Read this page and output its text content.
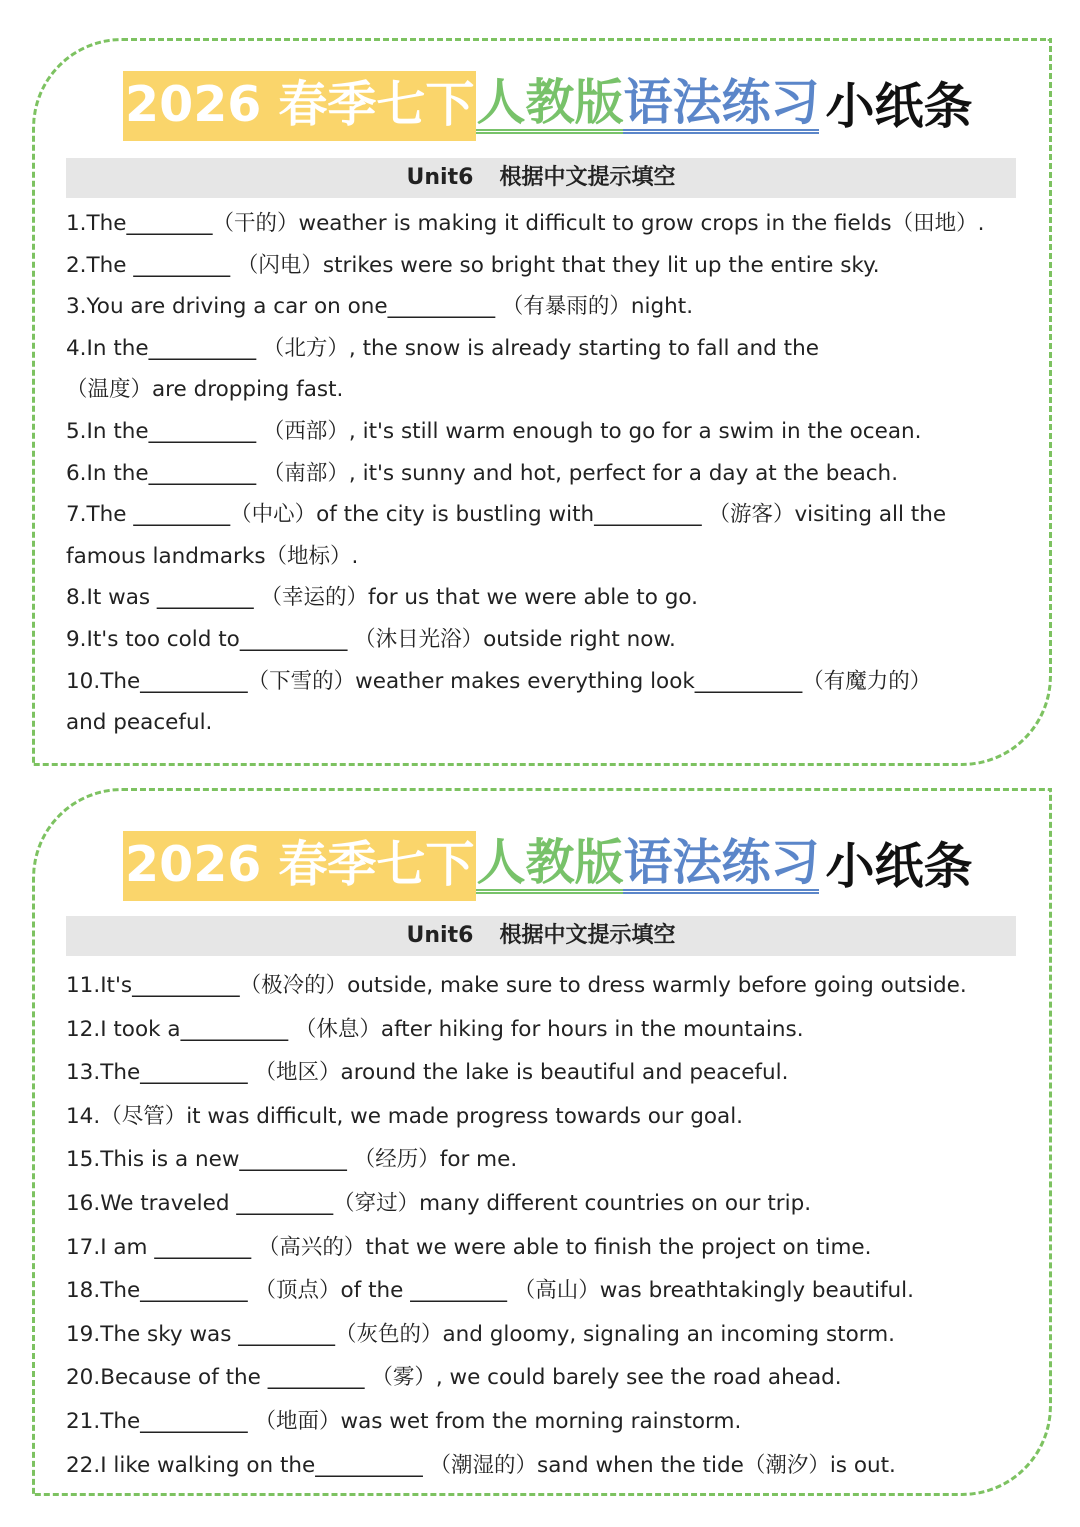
2026 春季七下 人教版 语法练习 小纸条
Unit6 根据中文提示填空
1.The________（干的）weather is making it difficult to grow crops in the fields（田地）.
2.The _________ （闪电）strikes were so bright that they lit up the entire sky.
3.You are driving a car on one__________ （有暴雨的）night.
4.In the__________ （北方）, the snow is already starting to fall and the
（温度）are dropping fast.
5.In the__________ （西部）, it's still warm enough to go for a swim in the ocean.
6.In the__________ （南部）, it's sunny and hot, perfect for a day at the beach.
7.The _________（中心）of the city is bustling with__________ （游客）visiting all the
famous landmarks（地标）.
8.It was _________ （幸运的）for us that we were able to go.
9.It's too cold to__________ （沐日光浴）outside right now.
10.The__________（下雪的）weather makes everything look__________（有魔力的）
and peaceful.
2026 春季七下 人教版 语法练习 小纸条
Unit6 根据中文提示填空
11.It's__________（极冷的）outside, make sure to dress warmly before going outside.
12.I took a__________ （休息）after hiking for hours in the mountains.
13.The__________ （地区）around the lake is beautiful and peaceful.
14.（尽管）it was difficult, we made progress towards our goal.
15.This is a new__________ （经历）for me.
16.We traveled _________（穿过）many different countries on our trip.
17.I am _________ （高兴的）that we were able to finish the project on time.
18.The__________ （顶点）of the _________ （高山）was breathtakingly beautiful.
19.The sky was _________（灰色的）and gloomy, signaling an incoming storm.
20.Because of the _________ （雾）, we could barely see the road ahead.
21.The__________ （地面）was wet from the morning rainstorm.
22.I like walking on the__________ （潮湿的）sand when the tide（潮汐）is out.
